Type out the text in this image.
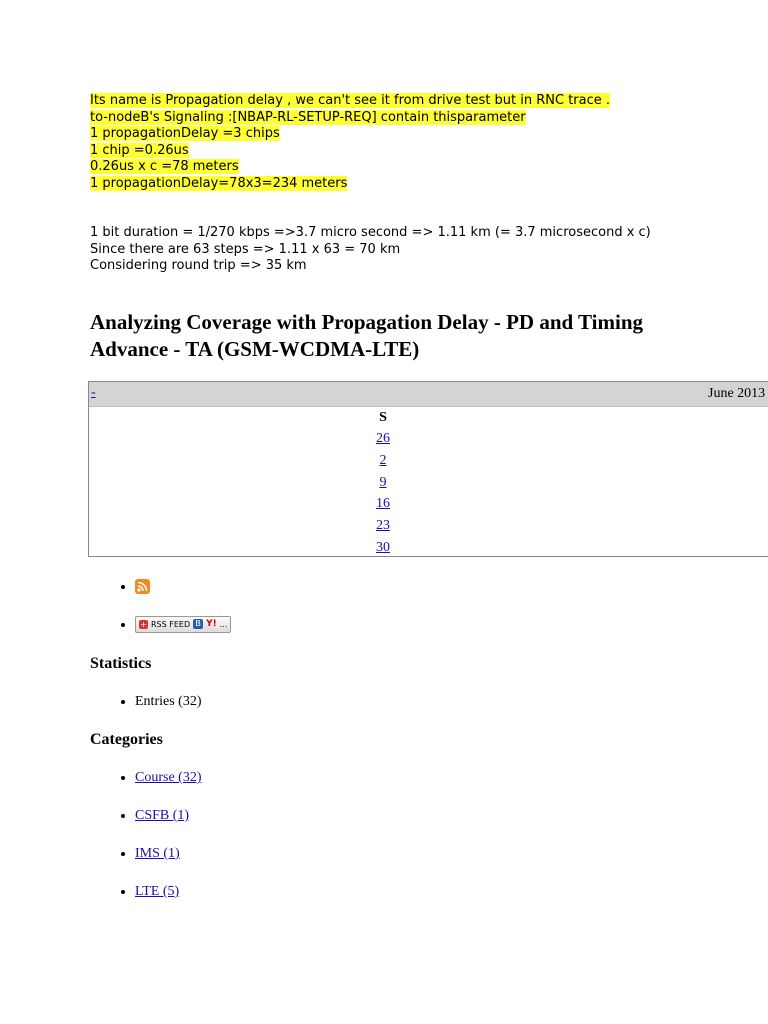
Its name is Propagation delay , we can't see it from drive test but in RNC trace .
to-nodeB's Signaling :[NBAP-RL-SETUP-REQ] contain thisparameter
1 propagationDelay =3 chips
1 chip =0.26us
0.26us x c =78 meters
1 propagationDelay=78x3=234 meters
1 bit duration = 1/270 kbps =>3.7 micro second => 1.11 km (= 3.7 microsecond x c)
Since there are 63 steps => 1.11 x 63 = 70 km
Considering round trip => 35 km
Analyzing Coverage with Propagation Delay - PD and Timing Advance - TA (GSM-WCDMA-LTE)
-	June 2013
S
26
2
9
16
23
30
•
• + RSS FEED B Y! ...
Statistics
• Entries (32)
Categories
• Course (32)
• CSFB (1)
• IMS (1)
• LTE (5)
